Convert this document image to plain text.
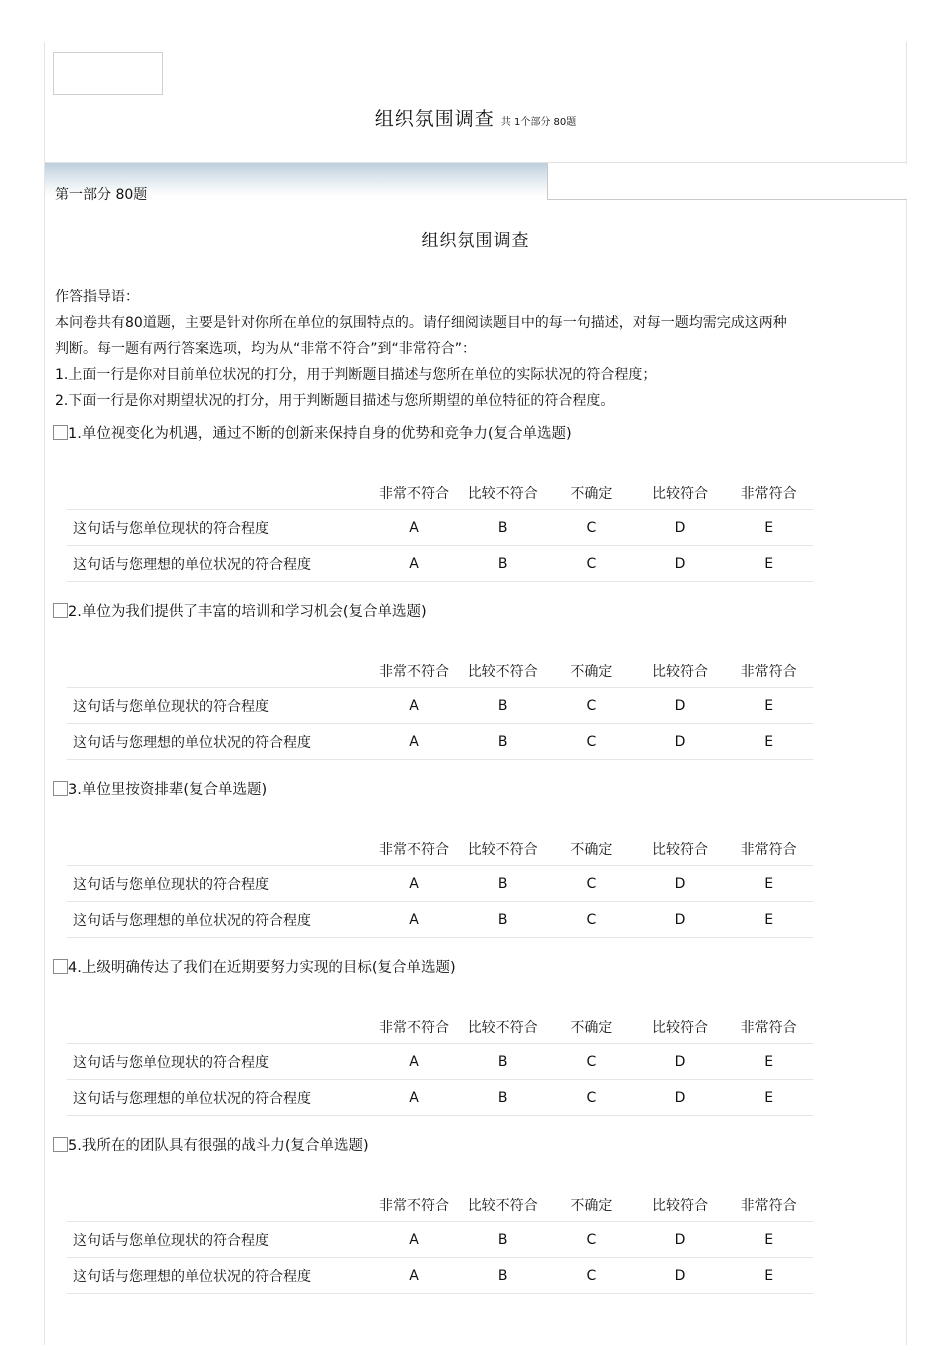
组织氛围调查 共 1个部分 80题
第一部分 80题
组织氛围调查

作答指导语：

本问卷共有80道题，主要是针对你所在单位的氛围特点的。请仔细阅读题目中的每一句描述，对每一题均需完成这两种

判断。每一题有两行答案选项，均为从“非常不符合”到“非常符合”：

1.上面一行是你对目前单位状况的打分，用于判断题目描述与您所在单位的实际状况的符合程度；

2.下面一行是你对期望状况的打分，用于判断题目描述与您所期望的单位特征的符合程度。

1.单位视变化为机遇，通过不断的创新来保持自身的优势和竞争力(复合单选题)
	非常不符合	比较不符合	不确定	比较符合	非常符合
这句话与您单位现状的符合程度	A	B	C	D	E
这句话与您理想的单位状况的符合程度	A	B	C	D	E
2.单位为我们提供了丰富的培训和学习机会(复合单选题)
	非常不符合	比较不符合	不确定	比较符合	非常符合
这句话与您单位现状的符合程度	A	B	C	D	E
这句话与您理想的单位状况的符合程度	A	B	C	D	E
3.单位里按资排辈(复合单选题)
	非常不符合	比较不符合	不确定	比较符合	非常符合
这句话与您单位现状的符合程度	A	B	C	D	E
这句话与您理想的单位状况的符合程度	A	B	C	D	E
4.上级明确传达了我们在近期要努力实现的目标(复合单选题)
	非常不符合	比较不符合	不确定	比较符合	非常符合
这句话与您单位现状的符合程度	A	B	C	D	E
这句话与您理想的单位状况的符合程度	A	B	C	D	E
5.我所在的团队具有很强的战斗力(复合单选题)
	非常不符合	比较不符合	不确定	比较符合	非常符合
这句话与您单位现状的符合程度	A	B	C	D	E
这句话与您理想的单位状况的符合程度	A	B	C	D	E
